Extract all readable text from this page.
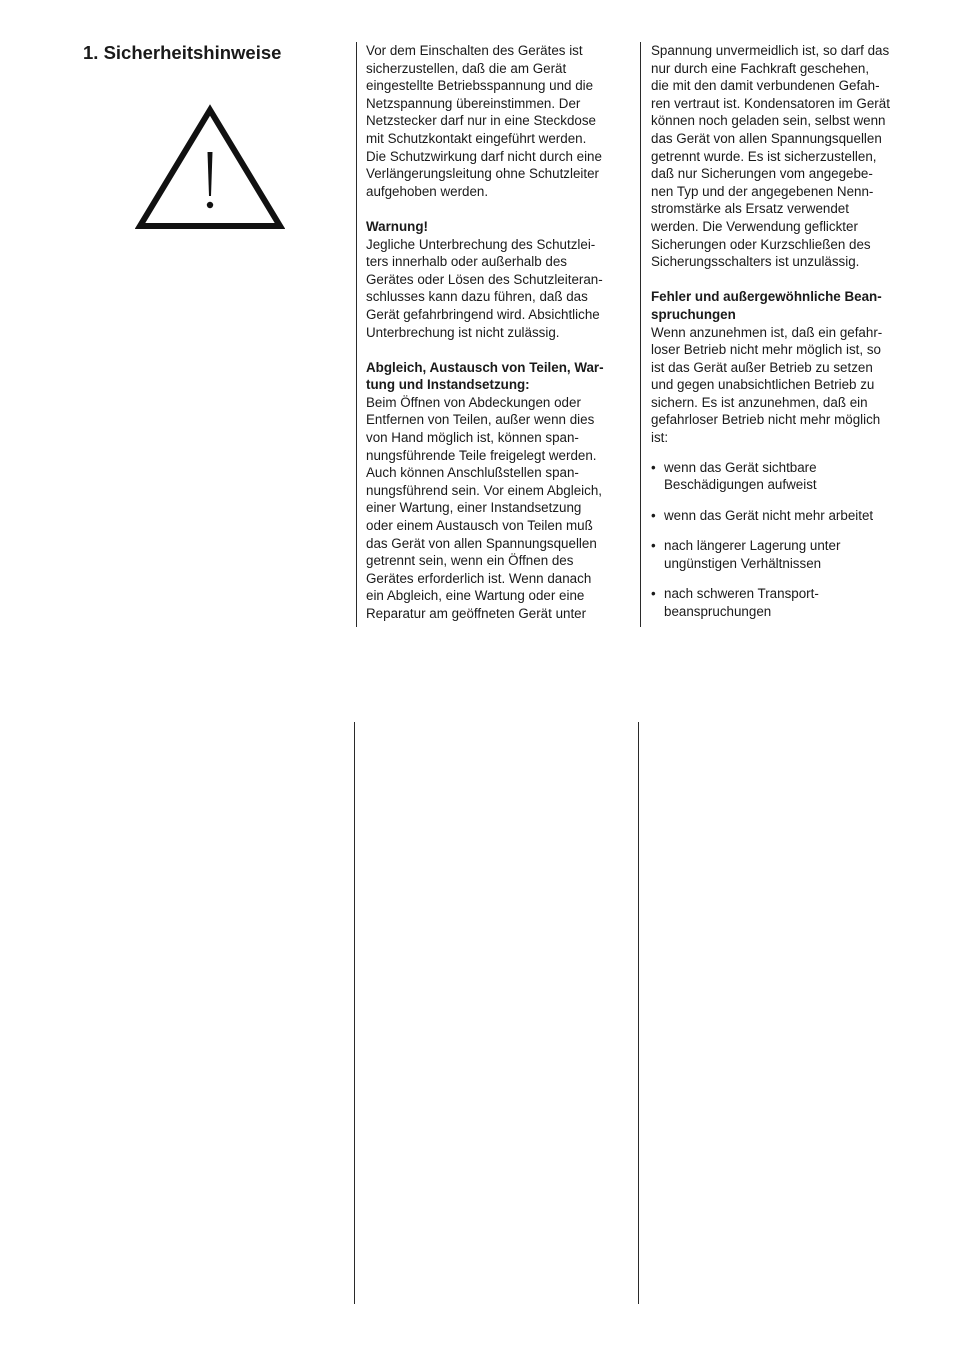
1. Sicherheitshinweise	Vor dem Einschalten des Gerätes ist
sicherzustellen, daß die am Gerät
eingestellte Betriebsspannung und die
Netzspannung übereinstimmen. Der
Netzstecker darf nur in eine Steckdose
mit Schutzkontakt eingeführt werden.
Die Schutzwirkung darf nicht durch eine
Verlängerungsleitung ohne Schutzleiter
aufgehoben werden.

Warnung!

Jegliche Unterbrechung des Schutzlei-
ters innerhalb oder außerhalb des
Gerätes oder Lösen des Schutzleiteran-
schlusses kann dazu führen, daß das
Gerät gefahrbringend wird. Absichtliche
Unterbrechung ist nicht zulässig.

Abgleich, Austausch von Teilen, War-
tung und Instandsetzung:

Beim Öffnen von Abdeckungen oder
Entfernen von Teilen, außer wenn dies
von Hand möglich ist, können span-
nungsführende Teile freigelegt werden.
Auch können Anschlußstellen span-
nungsführend sein. Vor einem Abgleich,
einer Wartung, einer Instandsetzung
oder einem Austausch von Teilen muß
das Gerät von allen Spannungsquellen
getrennt sein, wenn ein Öffnen des
Gerätes erforderlich ist. Wenn danach
ein Abgleich, eine Wartung oder eine
Reparatur am geöffneten Gerät unter

Spannung unvermeidlich ist, so darf das
nur durch eine Fachkraft geschehen,
die mit den damit verbundenen Gefah-
ren vertraut ist. Kondensatoren im Gerät
können noch geladen sein, selbst wenn
das Gerät von allen Spannungsquellen
getrennt wurde. Es ist sicherzustellen,
daß nur Sicherungen vom angegebe-
nen Typ und der angegebenen Nenn-
stromstärke als Ersatz verwendet
werden. Die Verwendung geflickter
Sicherungen oder Kurzschließen des
Sicherungsschalters ist unzulässig.

Fehler und außergewöhnliche Bean-
spruchungen

Wenn anzunehmen ist, daß ein gefahr-
loser Betrieb nicht mehr möglich ist, so
ist das Gerät außer Betrieb zu setzen
und gegen unabsichtlichen Betrieb zu
sichern. Es ist anzunehmen, daß ein
gefahrloser Betrieb nicht mehr möglich
ist:

• wenn das Gerät sichtbare
Beschädigungen aufweist
• wenn das Gerät nicht mehr arbeitet
• nach längerer Lagerung unter
ungünstigen Verhältnissen
• nach schweren Transport-
beanspruchungen
